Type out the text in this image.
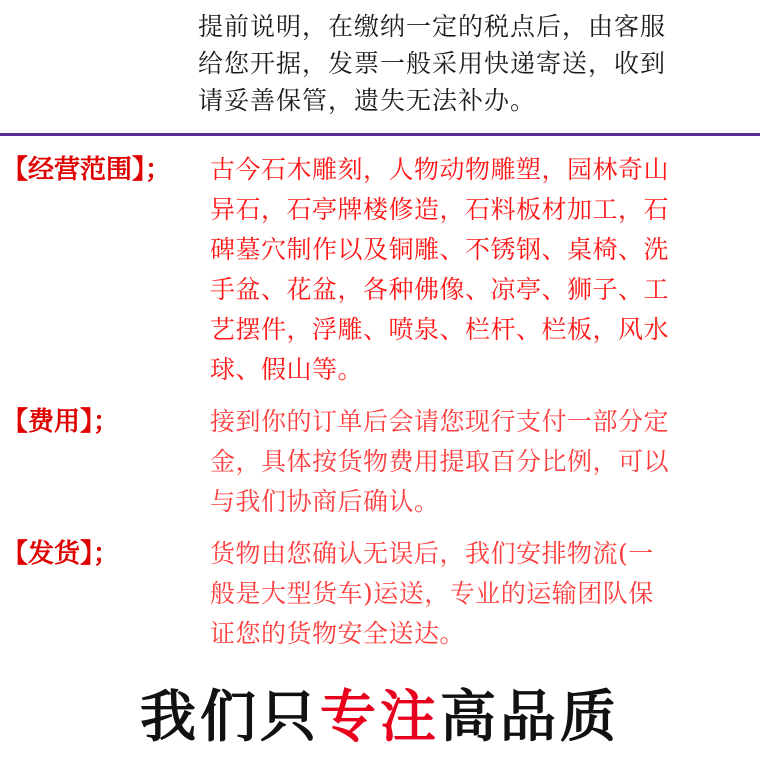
提前说明，在缴纳一定的税点后，由客服
给您开据，发票一般采用快递寄送，收到
请妥善保管，遗失无法补办。
【经营范围】；	古今石木雕刻，人物动物雕塑，园林奇山
异石，石亭牌楼修造，石料板材加工，石
碑墓穴制作以及铜雕、不锈钢、桌椅、洗
手盆、花盆，各种佛像、凉亭、狮子、工
艺摆件，浮雕、喷泉、栏杆、栏板，风水
球、假山等。
【费用】；	接到你的订单后会请您现行支付一部分定
金，具体按货物费用提取百分比例，可以
与我们协商后确认。
【发货】；	货物由您确认无误后，我们安排物流(一
般是大型货车)运送，专业的运输团队保
证您的货物安全送达。
我们只专注高品质
